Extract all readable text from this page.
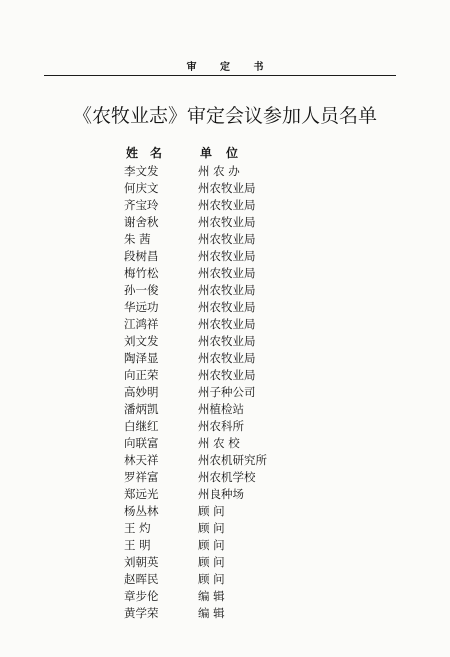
审 定 书
《农牧业志》审定会议参加人员名单
姓名 单位
李文发	州 农 办
何庆文	州农牧业局
齐宝玲	州农牧业局
谢舍秋	州农牧业局
朱 茜	州农牧业局
段树昌	州农牧业局
梅竹松	州农牧业局
孙一俊	州农牧业局
华远功	州农牧业局
江鸿祥	州农牧业局
刘文发	州农牧业局
陶泽显	州农牧业局
向正荣	州农牧业局
高妙明	州子种公司
潘炳凯	州植检站
白继红	州农科所
向联富	州 农 校
林天祥	州农机研究所
罗祥富	州农机学校
郑远光	州良种场
杨丛林	顾 问
王 灼	顾 问
王 明	顾 问
刘朝英	顾 问
赵晖民	顾 问
章步伦	编 辑
黄学荣	编 辑
